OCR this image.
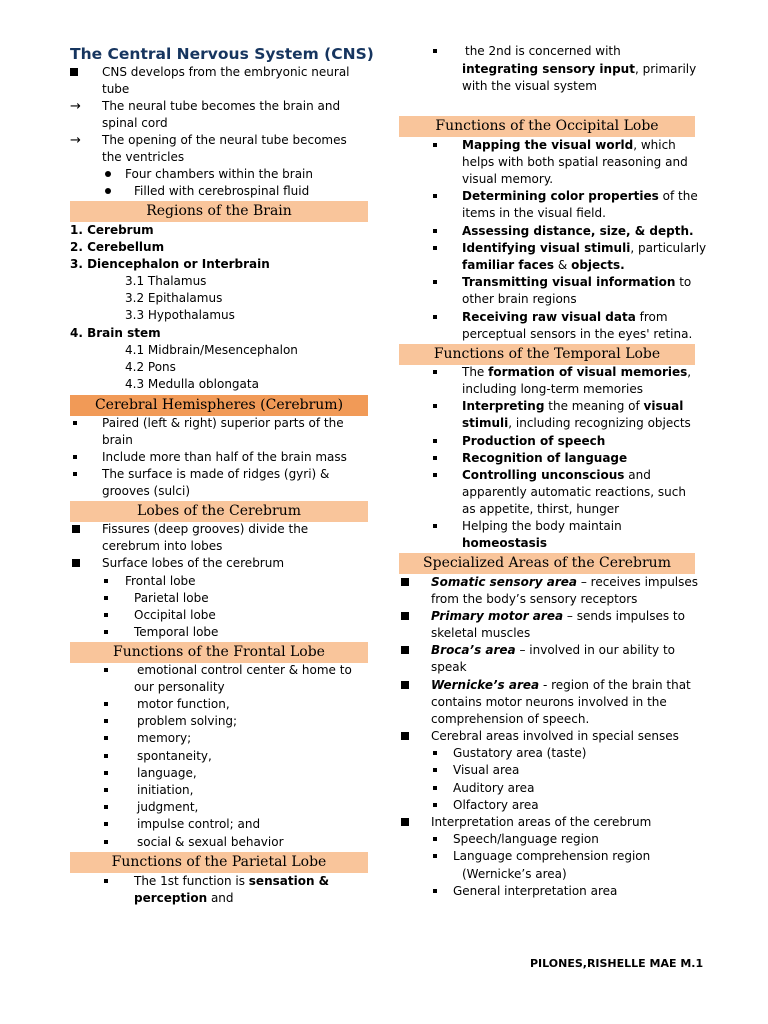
The Central Nervous System (CNS)
CNS develops from the embryonic neural
tube
→ The neural tube becomes the brain and
spinal cord
→ The opening of the neural tube becomes
the ventricles
Four chambers within the brain
Filled with cerebrospinal fluid
Regions of the Brain
1. Cerebrum
2. Cerebellum
3. Diencephalon or Interbrain
3.1 Thalamus
3.2 Epithalamus
3.3 Hypothalamus
4. Brain stem
4.1 Midbrain/Mesencephalon
4.2 Pons
4.3 Medulla oblongata
Cerebral Hemispheres (Cerebrum)
Paired (left & right) superior parts of the
brain
Include more than half of the brain mass
The surface is made of ridges (gyri) &
grooves (sulci)
Lobes of the Cerebrum
Fissures (deep grooves) divide the
cerebrum into lobes
Surface lobes of the cerebrum
Frontal lobe
Parietal lobe
Occipital lobe
Temporal lobe
Functions of the Frontal Lobe
emotional control center & home to
our personality
motor function,
problem solving;
memory;
spontaneity,
language,
initiation,
judgment,
impulse control; and
social & sexual behavior
Functions of the Parietal Lobe
The 1st function is sensation &
perception and
the 2nd is concerned with
integrating sensory input, primarily
with the visual system
Functions of the Occipital Lobe
Mapping the visual world, which
helps with both spatial reasoning and
visual memory.
Determining color properties of the
items in the visual field.
Assessing distance, size, & depth.
Identifying visual stimuli, particularly
familiar faces & objects.
Transmitting visual information to
other brain regions
Receiving raw visual data from
perceptual sensors in the eyes' retina.
Functions of the Temporal Lobe
The formation of visual memories,
including long-term memories
Interpreting the meaning of visual
stimuli, including recognizing objects
Production of speech
Recognition of language
Controlling unconscious and
apparently automatic reactions, such
as appetite, thirst, hunger
Helping the body maintain
homeostasis
Specialized Areas of the Cerebrum
Somatic sensory area – receives impulses
from the body’s sensory receptors
Primary motor area – sends impulses to
skeletal muscles
Broca’s area – involved in our ability to
speak
Wernicke’s area - region of the brain that
contains motor neurons involved in the
comprehension of speech.
Cerebral areas involved in special senses
Gustatory area (taste)
Visual area
Auditory area
Olfactory area
Interpretation areas of the cerebrum
Speech/language region
Language comprehension region
(Wernicke’s area)
General interpretation area
PILONES,RISHELLE MAE M.1
